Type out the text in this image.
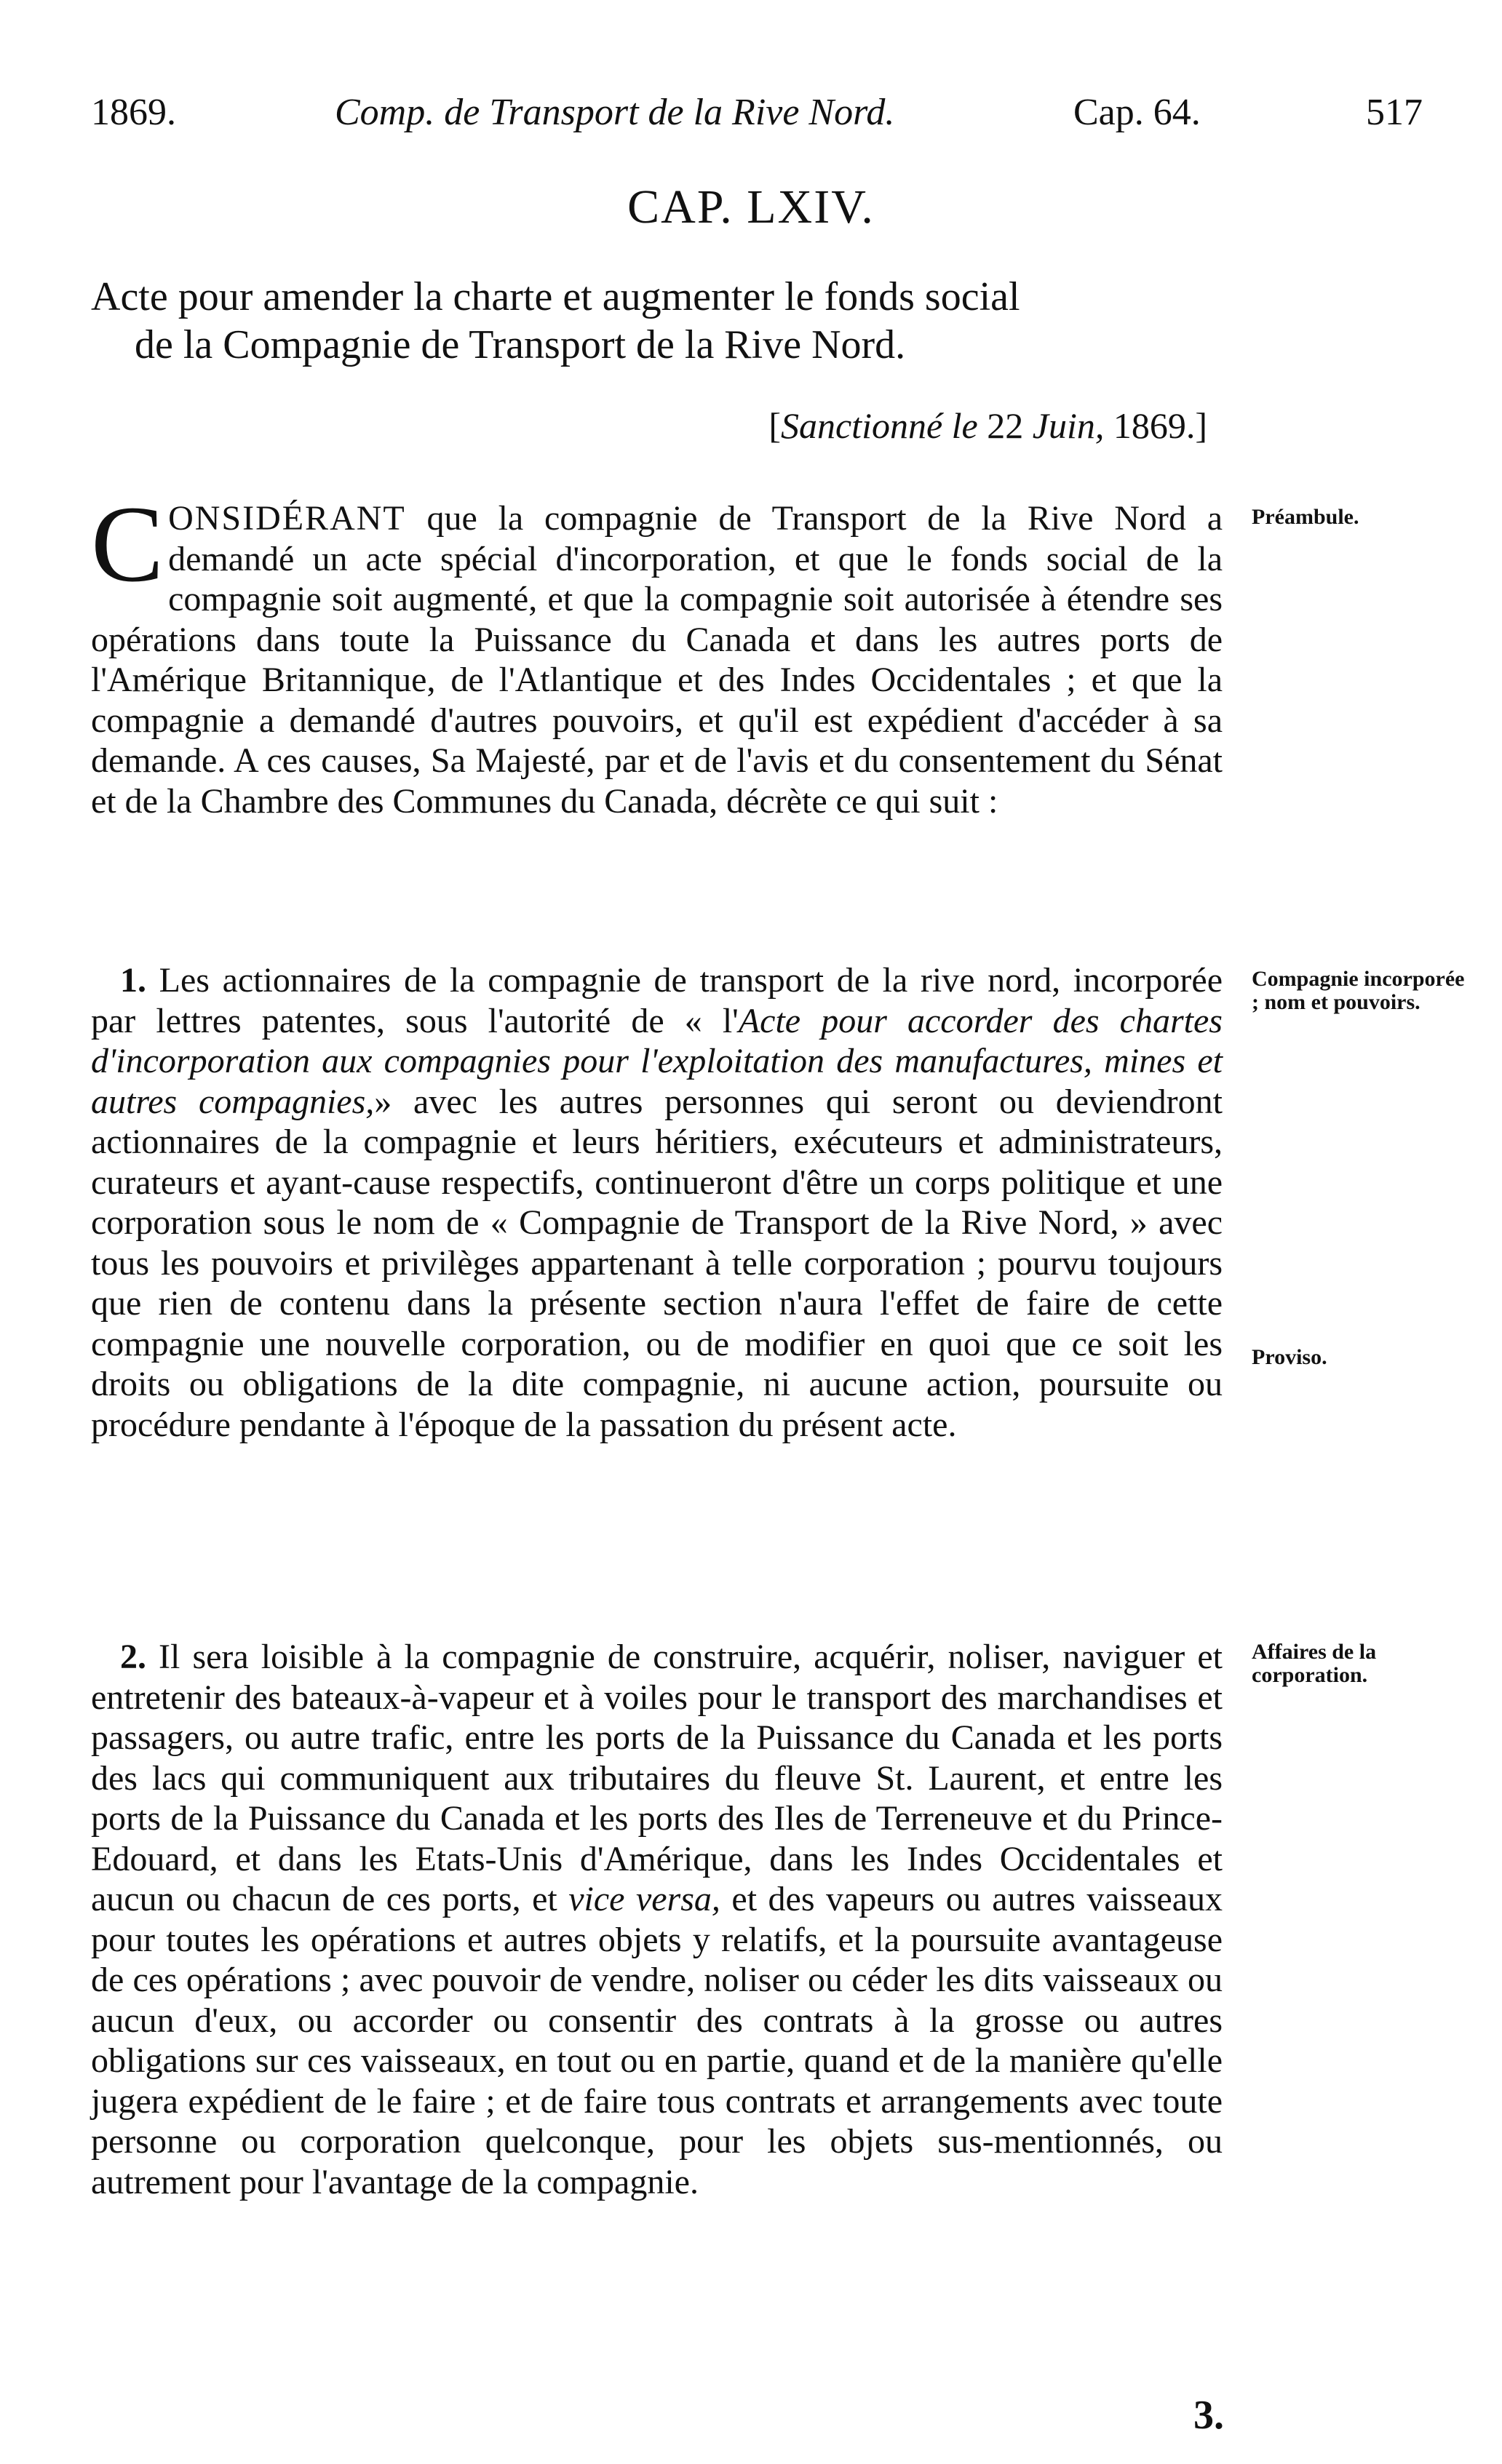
1869.	Comp. de Transport de la Rive Nord.	Cap. 64.	517
CAP. LXIV.
Acte pour amender la charte et augmenter le fonds social
de la Compagnie de Transport de la Rive Nord.
[Sanctionné le 22 Juin, 1869.]
CONSIDÉRANT que la compagnie de Transport de la Rive Nord a demandé un acte spécial d'incorporation, et que le fonds social de la compagnie soit augmenté, et que la compagnie soit autorisée à étendre ses opérations dans toute la Puissance du Canada et dans les autres ports de l'Amérique Britannique, de l'Atlantique et des Indes Occidentales ; et que la compagnie a demandé d'autres pouvoirs, et qu'il est expédient d'accéder à sa demande. A ces causes, Sa Majesté, par et de l'avis et du consentement du Sénat et de la Chambre des Communes du Canada, décrète ce qui suit :
Préambule.
1. Les actionnaires de la compagnie de transport de la rive nord, incorporée par lettres patentes, sous l'autorité de « l'Acte pour accorder des chartes d'incorporation aux compagnies pour l'exploitation des manufactures, mines et autres compagnies,» avec les autres personnes qui seront ou deviendront actionnaires de la compagnie et leurs héritiers, exécuteurs et administrateurs, curateurs et ayant-cause respectifs, continueront d'être un corps politique et une corporation sous le nom de « Compagnie de Transport de la Rive Nord, » avec tous les pouvoirs et privilèges appartenant à telle corporation ; pourvu toujours que rien de contenu dans la présente section n'aura l'effet de faire de cette compagnie une nouvelle corporation, ou de modifier en quoi que ce soit les droits ou obligations de la dite compagnie, ni aucune action, poursuite ou procédure pendante à l'époque de la passation du présent acte.
Compagnie incorporée ; nom et pouvoirs.
Proviso.
2. Il sera loisible à la compagnie de construire, acquérir, noliser, naviguer et entretenir des bateaux-à-vapeur et à voiles pour le transport des marchandises et passagers, ou autre trafic, entre les ports de la Puissance du Canada et les ports des lacs qui communiquent aux tributaires du fleuve St. Laurent, et entre les ports de la Puissance du Canada et les ports des Iles de Terreneuve et du Prince-Edouard, et dans les Etats-Unis d'Amérique, dans les Indes Occidentales et aucun ou chacun de ces ports, et vice versa, et des vapeurs ou autres vaisseaux pour toutes les opérations et autres objets y relatifs, et la poursuite avantageuse de ces opérations ; avec pouvoir de vendre, noliser ou céder les dits vaisseaux ou aucun d'eux, ou accorder ou consentir des contrats à la grosse ou autres obligations sur ces vaisseaux, en tout ou en partie, quand et de la manière qu'elle jugera expédient de le faire ; et de faire tous contrats et arrangements avec toute personne ou corporation quelconque, pour les objets sus-mentionnés, ou autrement pour l'avantage de la compagnie.
Affaires de la corporation.
3.
